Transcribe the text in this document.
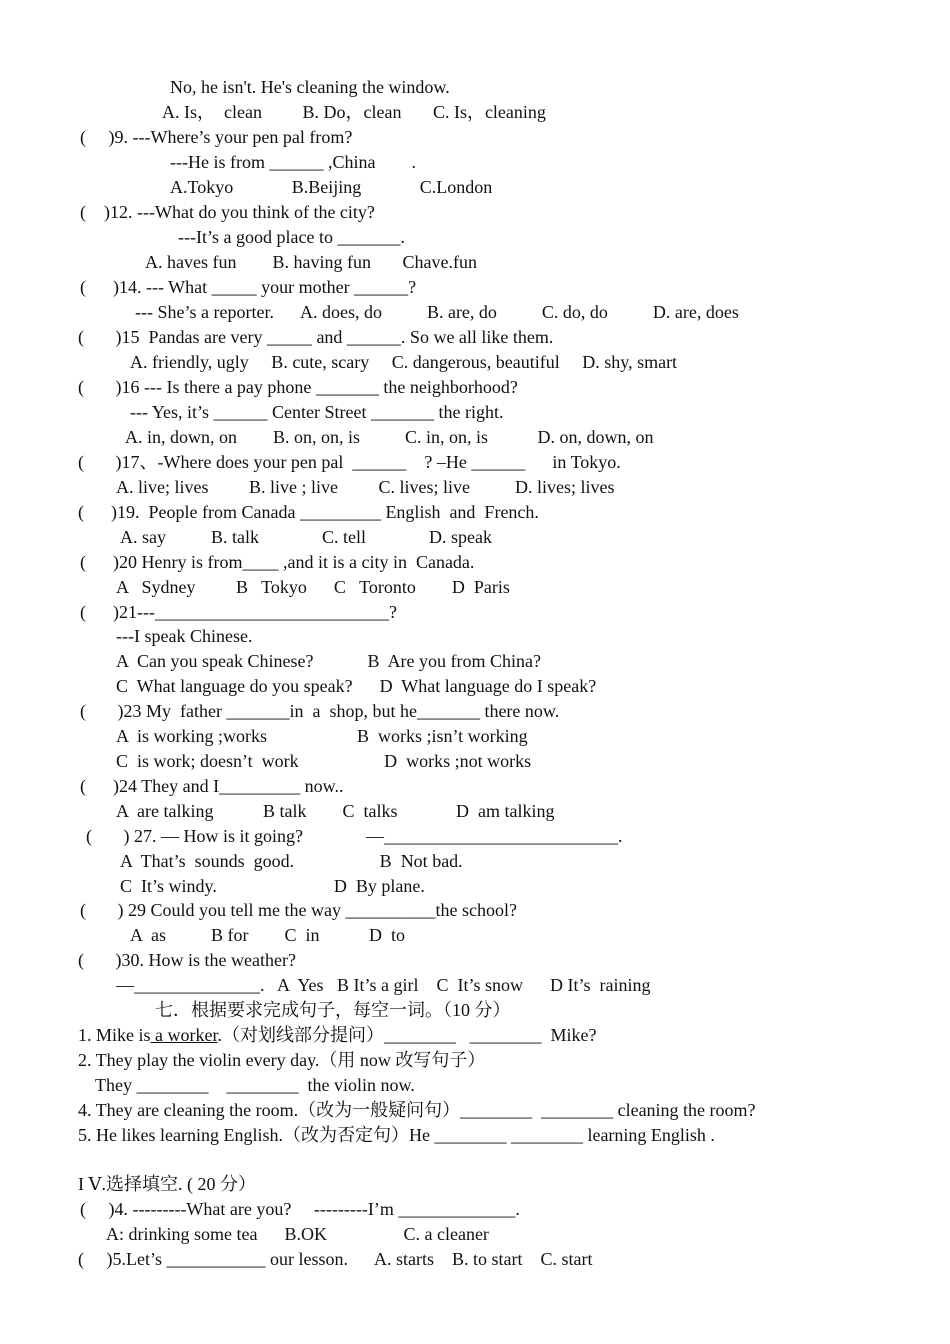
No, he isn't. He's cleaning the window.
A. Is，  clean         B. Do，clean       C. Is，cleaning
(     )9. ---Where’s your pen pal from?
---He is from ______ ,China        .
A.Tokyo             B.Beijing             C.London
(    )12. ---What do you think of the city?
---It’s a good place to _______.
A. haves fun        B. having fun       Chave.fun
(      )14. --- What _____ your mother ______?
--- She’s a reporter.      A. does, do          B. are, do          C. do, do          D. are, does
(       )15  Pandas are very _____ and ______. So we all like them.
A. friendly, ugly     B. cute, scary     C. dangerous, beautiful     D. shy, smart
(       )16 --- Is there a pay phone _______ the neighborhood?
--- Yes, it’s ______ Center Street _______ the right.
A. in, down, on        B. on, on, is          C. in, on, is           D. on, down, on
(       )17、-Where does your pen pal  ______    ? –He ______      in Tokyo.
A. live; lives         B. live ; live         C. lives; live          D. lives; lives
(      )19.  People from Canada _________ English  and  French.
A. say          B. talk              C. tell              D. speak
(      )20 Henry is from____ ,and it is a city in  Canada.
A   Sydney         B   Tokyo      C   Toronto        D  Paris
(      )21---__________________________?
---I speak Chinese.
A  Can you speak Chinese?            B  Are you from China?
C  What language do you speak?      D  What language do I speak?
(       )23 My  father _______in  a  shop, but he_______ there now.
A  is working ;works                    B  works ;isn’t working
C  is work; doesn’t  work                   D  works ;not works
(      )24 They and I_________ now..
A  are talking           B talk        C  talks             D  am talking
(       ) 27. — How is it going?              —__________________________.
A  That’s  sounds  good.                   B  Not bad.
C  It’s windy.                          D  By plane.
(       ) 29 Could you tell me the way __________the school?
A  as          B for        C  in           D  to
(       )30. How is the weather?
—______________.   A  Yes   B It’s a girl    C  It’s snow      D It’s  raining
七．根据要求完成句子，每空一词。（10 分）
1. Mike is a worker.（对划线部分提问）________   ________  Mike?
2. They play the violin every day.（用 now 改写句子）
They ________    ________  the violin now.
4. They are cleaning the room.（改为一般疑问句）________  ________ cleaning the room?
5. He likes learning English.（改为否定句）He ________ ________ learning English .
I Ⅴ.选择填空. ( 20 分）
(     )4. ---------What are you?     ---------I’m _____________.
A: drinking some tea      B.OK                 C. a cleaner
(     )5.Let’s ___________ our lesson.      A. starts    B. to start    C. start
